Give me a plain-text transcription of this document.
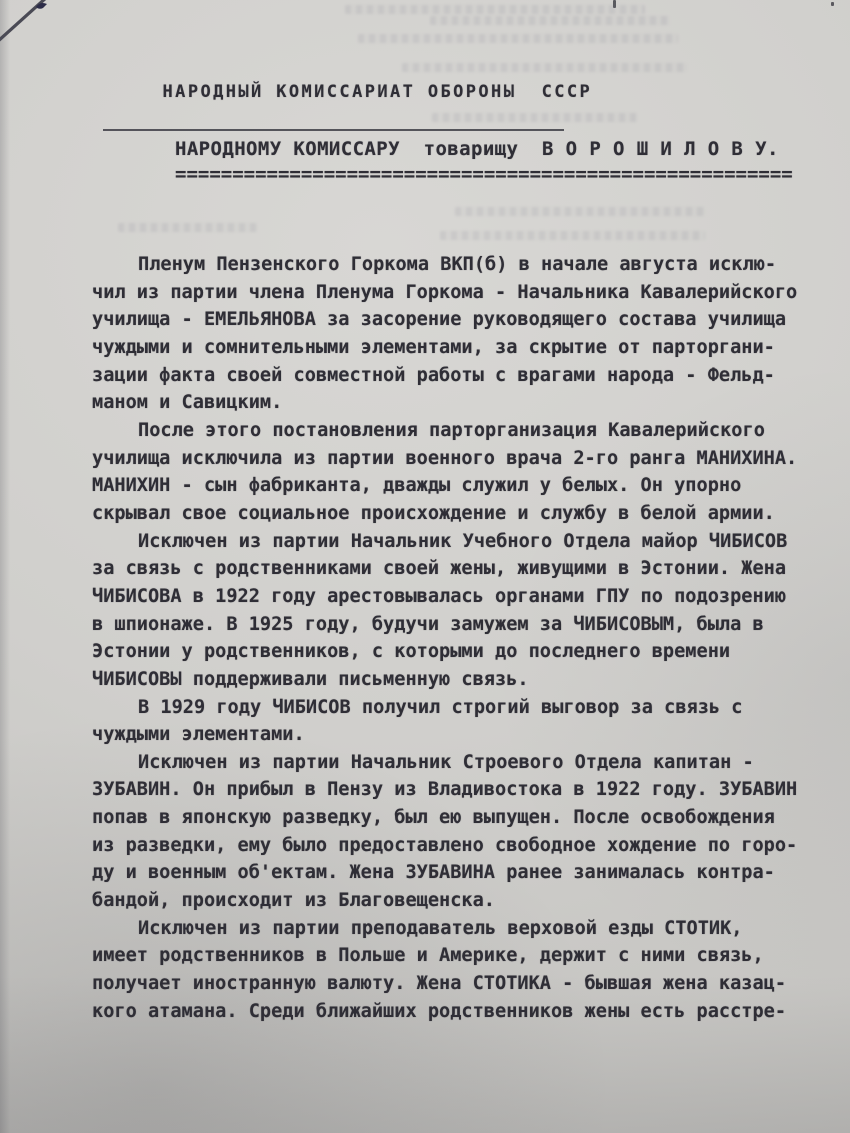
НАРОДНЫЙ КОМИССАРИАТ ОБОРОНЫ  СССР

НАРОДНОМУ КОМИССАРУ  товарищу  В О Р О Ш И Л О В У.
======================================================
Пленум Пензенского Горкома ВКП(б) в начале августа исклю-
чил из партии члена Пленума Горкома - Начальника Кавалерийского
училища - ЕМЕЛЬЯНОВА за засорение руководящего состава училища
чуждыми и сомнительными элементами, за скрытие от парторгани-
зации факта своей совместной работы с врагами народа - Фельд-
маном и Савицким.
После этого постановления парторганизация Кавалерийского
училища исключила из партии военного врача 2-го ранга МАНИХИНА.
МАНИХИН - сын фабриканта, дважды служил у белых. Он упорно
скрывал свое социальное происхождение и службу в белой армии.
Исключен из партии Начальник Учебного Отдела майор ЧИБИСОВ
за связь с родственниками своей жены, живущими в Эстонии. Жена
ЧИБИСОВА в 1922 году арестовывалась органами ГПУ по подозрению
в шпионаже. В 1925 году, будучи замужем за ЧИБИСОВЫМ, была в
Эстонии у родственников, с которыми до последнего времени
ЧИБИСОВЫ поддерживали письменную связь.
В 1929 году ЧИБИСОВ получил строгий выговор за связь с
чуждыми элементами.
Исключен из партии Начальник Строевого Отдела капитан -
ЗУБАВИН. Он прибыл в Пензу из Владивостока в 1922 году. ЗУБАВИН
попав в японскую разведку, был ею выпущен. После освобождения
из разведки, ему было предоставлено свободное хождение по горо-
ду и военным об'ектам. Жена ЗУБАВИНА ранее занималась контра-
бандой, происходит из Благовещенска.
Исключен из партии преподаватель верховой езды СТОТИК,
имеет родственников в Польше и Америке, держит с ними связь,
получает иностранную валюту. Жена СТОТИКА - бывшая жена казац-
кого атамана. Среди ближайших родственников жены есть расстре-
